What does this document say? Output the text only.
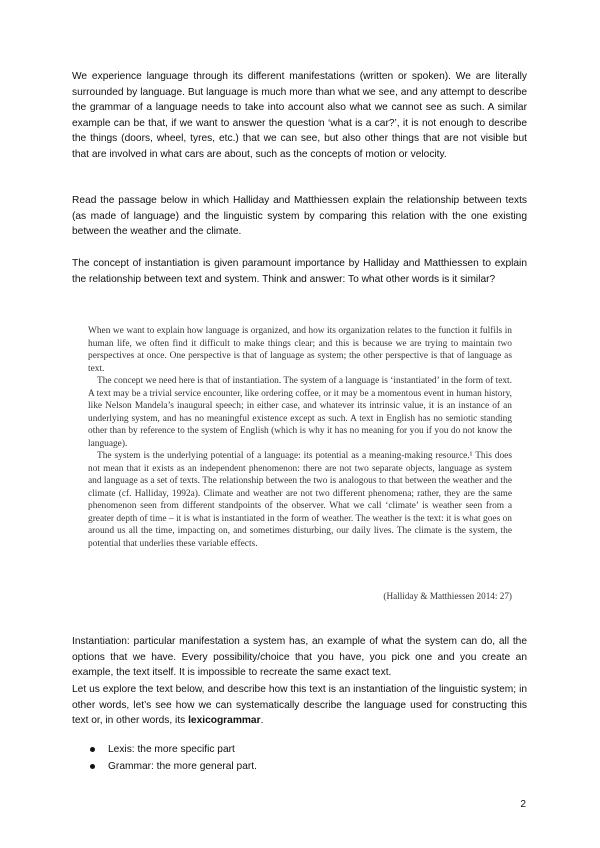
We experience language through its different manifestations (written or spoken). We are literally surrounded by language. But language is much more than what we see, and any attempt to describe the grammar of a language needs to take into account also what we cannot see as such. A similar example can be that, if we want to answer the question ‘what is a car?’, it is not enough to describe the things (doors, wheel, tyres, etc.) that we can see, but also other things that are not visible but that are involved in what cars are about, such as the concepts of motion or velocity.

Read the passage below in which Halliday and Matthiessen explain the relationship between texts (as made of language) and the linguistic system by comparing this relation with the one existing between the weather and the climate.

The concept of instantiation is given paramount importance by Halliday and Matthiessen to explain the relationship between text and system. Think and answer: To what other words is it similar?

When we want to explain how language is organized, and how its organization relates to the function it fulfils in human life, we often find it difficult to make things clear; and this is because we are trying to maintain two perspectives at once. One perspective is that of language as system; the other perspective is that of language as text.

The concept we need here is that of instantiation. The system of a language is ‘instantiated’ in the form of text. A text may be a trivial service encounter, like ordering coffee, or it may be a momentous event in human history, like Nelson Mandela’s inaugural speech; in either case, and whatever its intrinsic value, it is an instance of an underlying system, and has no meaningful existence except as such. A text in English has no semiotic standing other than by reference to the system of English (which is why it has no meaning for you if you do not know the language).

The system is the underlying potential of a language: its potential as a meaning-making resource.¹ This does not mean that it exists as an independent phenomenon: there are not two separate objects, language as system and language as a set of texts. The relationship between the two is analogous to that between the weather and the climate (cf. Halliday, 1992a). Climate and weather are not two different phenomena; rather, they are the same phenomenon seen from different standpoints of the observer. What we call ‘climate’ is weather seen from a greater depth of time – it is what is instantiated in the form of weather. The weather is the text: it is what goes on around us all the time, impacting on, and sometimes disturbing, our daily lives. The climate is the system, the potential that underlies these variable effects.

(Halliday & Matthiessen 2014: 27)

Instantiation: particular manifestation a system has, an example of what the system can do, all the options that we have. Every possibility/choice that you have, you pick one and you create an example, the text itself. It is impossible to recreate the same exact text.

Let us explore the text below, and describe how this text is an instantiation of the linguistic system; in other words, let’s see how we can systematically describe the language used for constructing this text or, in other words, its lexicogrammar.

Lexis: the more specific part
Grammar: the more general part.
2
